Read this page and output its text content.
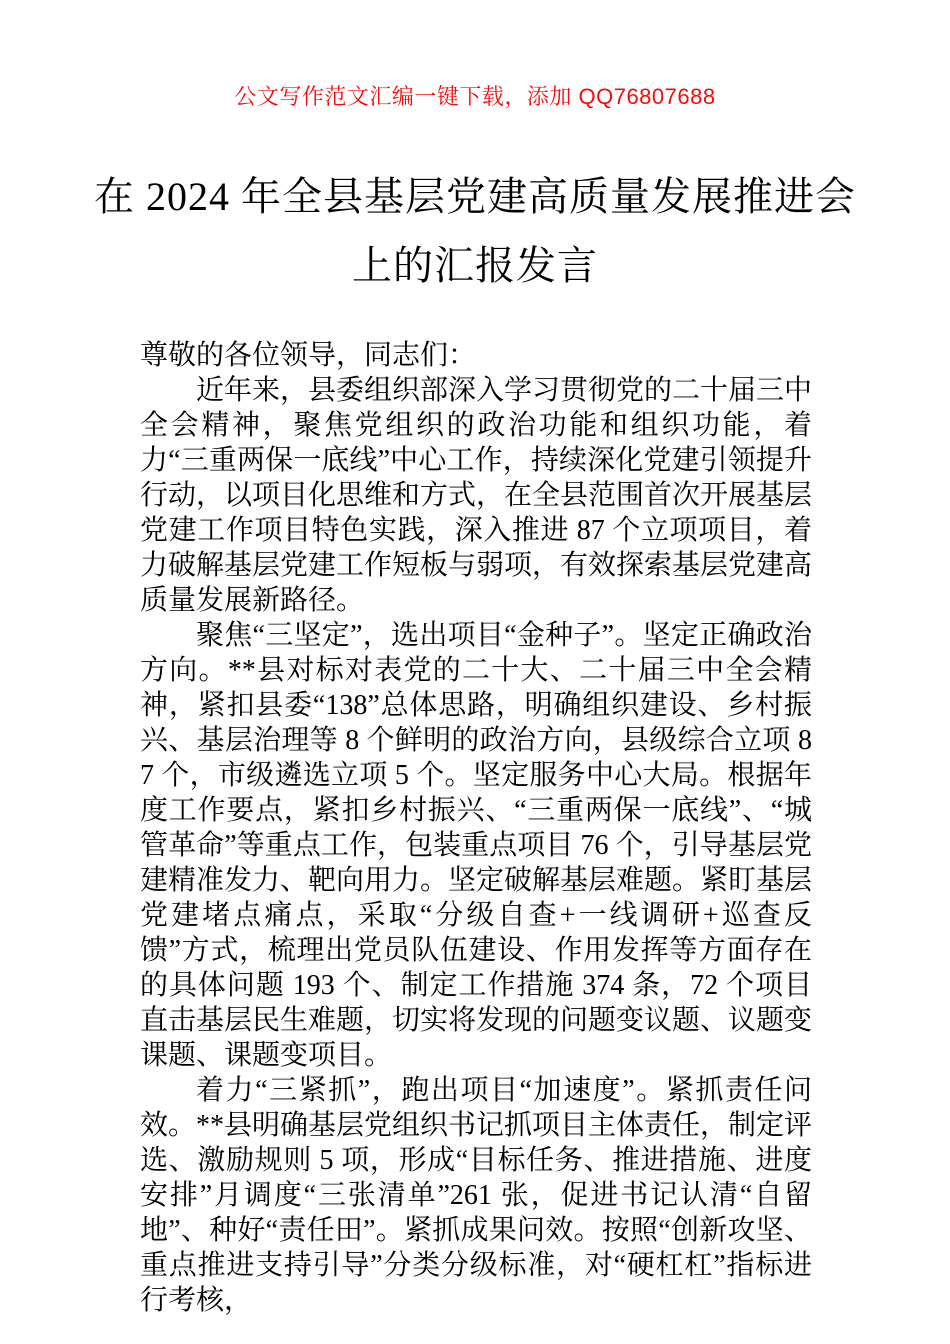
公文写作范文汇编一键下载，添加 QQ76807688
在 2024 年全县基层党建高质量发展推进会
上的汇报发言

尊敬的各位领导，同志们：

近年来，县委组织部深入学习贯彻党的二十届三中全会精神，聚焦党组织的政治功能和组织功能，着力“三重两保一底线”中心工作，持续深化党建引领提升行动，以项目化思维和方式，在全县范围首次开展基层党建工作项目特色实践，深入推进 87 个立项项目，着力破解基层党建工作短板与弱项，有效探索基层党建高质量发展新路径。

聚焦“三坚定”，选出项目“金种子”。坚定正确政治方向。**县对标对表党的二十大、二十届三中全会精神，紧扣县委“138”总体思路，明确组织建设、乡村振兴、基层治理等 8 个鲜明的政治方向，县级综合立项 87 个，市级遴选立项 5 个。坚定服务中心大局。根据年度工作要点，紧扣乡村振兴、“三重两保一底线”、“城管革命”等重点工作，包装重点项目 76 个，引导基层党建精准发力、靶向用力。坚定破解基层难题。紧盯基层党建堵点痛点，采取“分级自查+一线调研+巡查反馈”方式，梳理出党员队伍建设、作用发挥等方面存在的具体问题 193 个、制定工作措施 374 条，72 个项目直击基层民生难题，切实将发现的问题变议题、议题变课题、课题变项目。

着力“三紧抓”，跑出项目“加速度”。紧抓责任问效。**县明确基层党组织书记抓项目主体责任，制定评选、激励规则 5 项，形成“目标任务、推进措施、进度安排”月调度“三张清单”261 张，促进书记认清“自留地”、种好“责任田”。紧抓成果问效。按照“创新攻坚、重点推进支持引导”分类分级标准，对“硬杠杠”指标进行考核，
